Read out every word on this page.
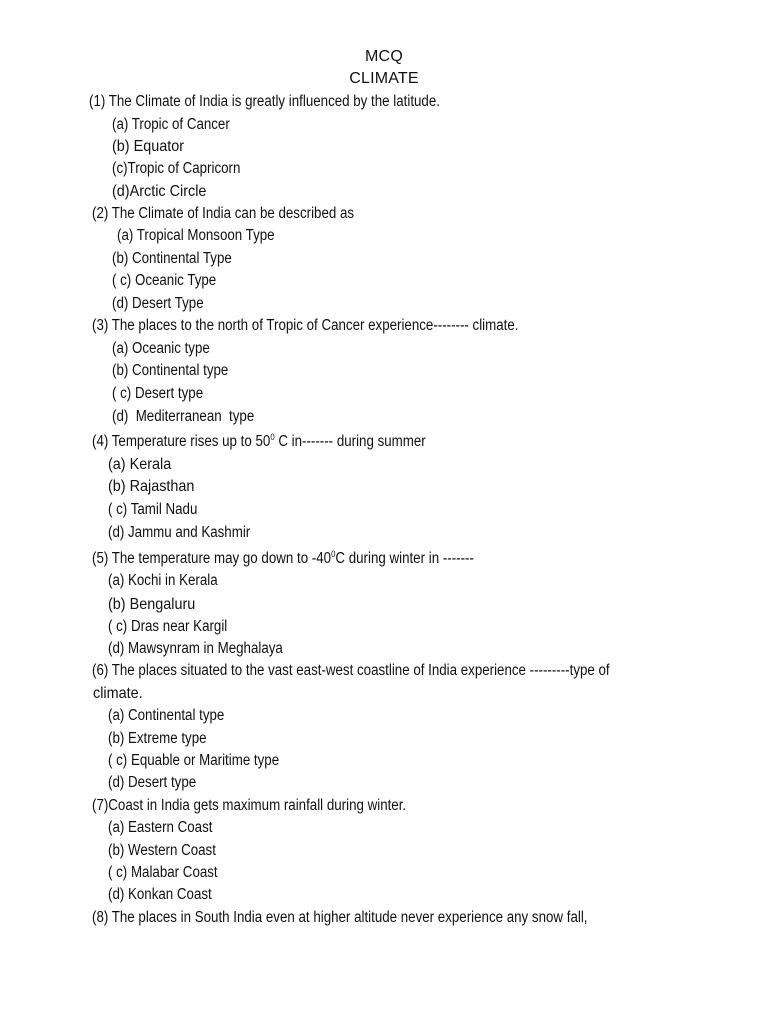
MCQ
CLIMATE
(1) The Climate of India is greatly influenced by the latitude.
(a) Tropic of Cancer
(b) Equator
(c)Tropic of Capricorn
(d)Arctic Circle
(2) The Climate of India can be described as
(a) Tropical Monsoon Type
(b) Continental Type
( c) Oceanic Type
(d) Desert Type
(3) The places to the north of Tropic of Cancer experience-------- climate.
(a) Oceanic type
(b) Continental type
( c) Desert type
(d)  Mediterranean  type
(4) Temperature rises up to $50^0$ C in------- during summer
(a) Kerala
(b) Rajasthan
( c) Tamil Nadu
(d) Jammu and Kashmir
(5) The temperature may go down to $-40^0C$ during winter in -------
(a) Kochi in Kerala
(b) Bengaluru
( c) Dras near Kargil
(d) Mawsynram in Meghalaya
(6) The places situated to the vast east-west coastline of India experience ---------type of
climate.
(a) Continental type
(b) Extreme type
( c) Equable or Maritime type
(d) Desert type
(7)Coast in India gets maximum rainfall during winter.
(a) Eastern Coast
(b) Western Coast
( c) Malabar Coast
(d) Konkan Coast
(8) The places in South India even at higher altitude never experience any snow fall,
